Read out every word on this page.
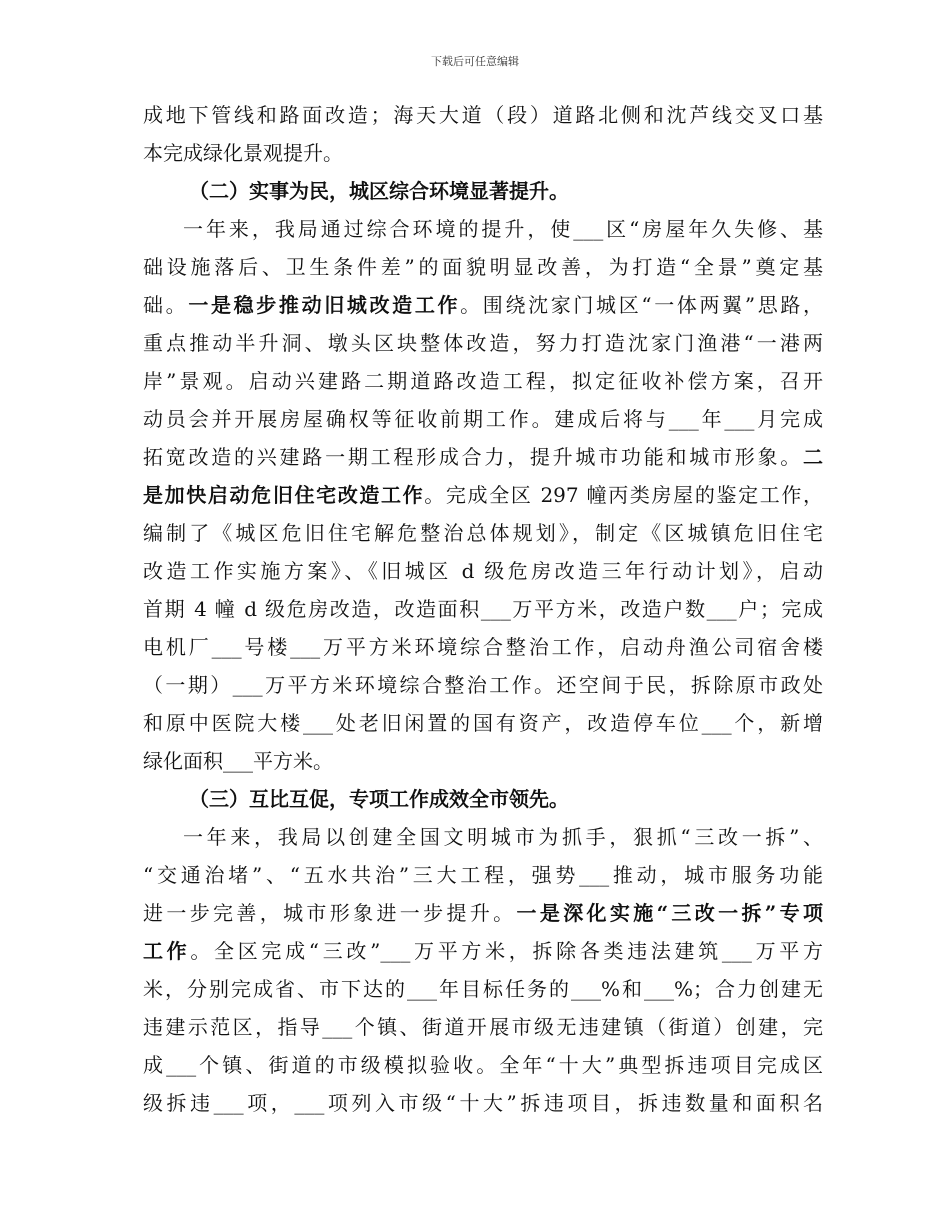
下载后可任意编辑
成地下管线和路面改造；海天大道（段）道路北侧和沈芦线交叉口基
本完成绿化景观提升。
（二）实事为民，城区综合环境显著提升。
一年来，我局通过综合环境的提升，使___区“房屋年久失修、基
础设施落后、卫生条件差”的面貌明显改善，为打造“全景”奠定基
础。一是稳步推动旧城改造工作。围绕沈家门城区“一体两翼”思路，
重点推动半升洞、墩头区块整体改造，努力打造沈家门渔港“一港两
岸”景观。启动兴建路二期道路改造工程，拟定征收补偿方案，召开
动员会并开展房屋确权等征收前期工作。建成后将与___年___月完成
拓宽改造的兴建路一期工程形成合力，提升城市功能和城市形象。二
是加快启动危旧住宅改造工作。完成全区 297 幢丙类房屋的鉴定工作，
编制了《城区危旧住宅解危整治总体规划》，制定《区城镇危旧住宅
改造工作实施方案》、《旧城区 d 级危房改造三年行动计划》，启动
首期 4 幢 d 级危房改造，改造面积___万平方米，改造户数___户；完成
电机厂___号楼___万平方米环境综合整治工作，启动舟渔公司宿舍楼
（一期）___万平方米环境综合整治工作。还空间于民，拆除原市政处
和原中医院大楼___处老旧闲置的国有资产，改造停车位___个，新增
绿化面积___平方米。
（三）互比互促，专项工作成效全市领先。
一年来，我局以创建全国文明城市为抓手，狠抓“三改一拆”、
“交通治堵”、“五水共治”三大工程，强势___推动，城市服务功能
进一步完善，城市形象进一步提升。一是深化实施“三改一拆”专项
工作。全区完成“三改”___万平方米，拆除各类违法建筑___万平方
米，分别完成省、市下达的___年目标任务的___%和___%；合力创建无
违建示范区，指导___个镇、街道开展市级无违建镇（街道）创建，完
成___个镇、街道的市级模拟验收。全年“十大”典型拆违项目完成区
级拆违___项，___项列入市级“十大”拆违项目，拆违数量和面积名
